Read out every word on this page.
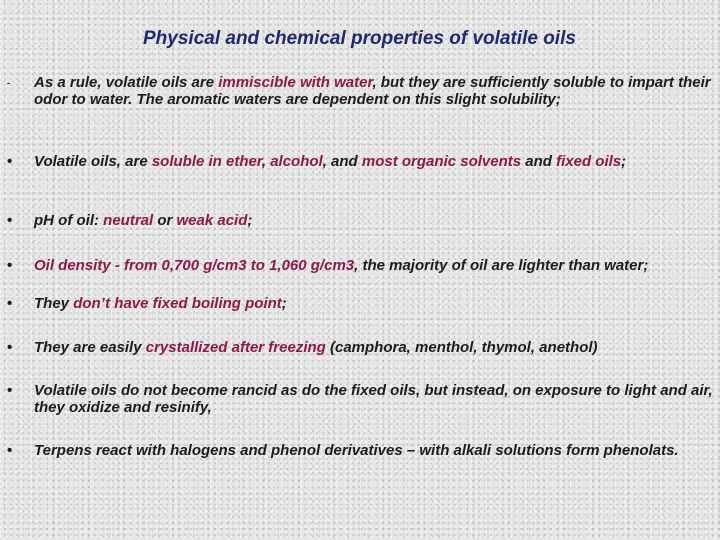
Physical and chemical properties of volatile oils
- As a rule, volatile oils are immiscible with water, but they are sufficiently soluble to impart their odor to water. The aromatic waters are dependent on this slight solubility;
• Volatile oils, are soluble in ether, alcohol, and most organic solvents and fixed oils;
• pH of oil: neutral or weak acid;
• Oil density - from 0,700 g/cm3 to 1,060 g/cm3, the majority of oil are lighter than water;
• They don’t have fixed boiling point;
• They are easily crystallized after freezing (camphora, menthol, thymol, anethol)
• Volatile oils do not become rancid as do the fixed oils, but instead, on exposure to light and air, they oxidize and resinify,
• Terpens react with halogens and phenol derivatives – with alkali solutions form phenolats.
